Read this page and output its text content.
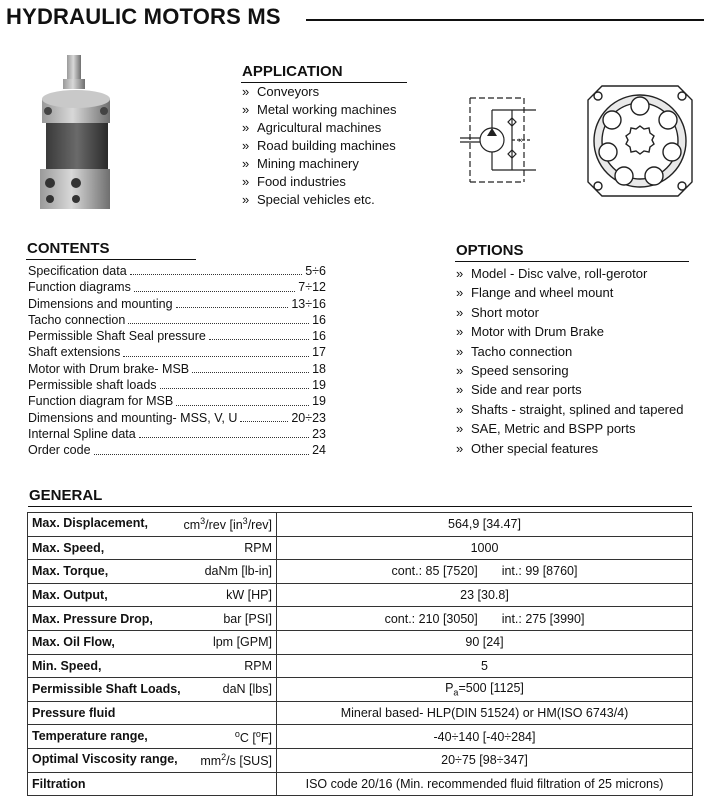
HYDRAULIC MOTORS MS
APPLICATION
» Conveyors
» Metal working machines
» Agricultural machines
» Road building machines
» Mining machinery
» Food industries
» Special vehicles etc.
×
CONTENTS
Specification data	5÷6
Function diagrams	7÷12
Dimensions and mounting	13÷16
Tacho connection	16
Permissible Shaft Seal pressure	16
Shaft extensions	17
Motor with Drum brake- MSB	18
Permissible shaft loads	19
Function diagram for MSB	19
Dimensions and mounting- MSS, V, U	20÷23
Internal Spline data	23
Order code	24
OPTIONS
» Model - Disc valve, roll-gerotor
» Flange and wheel mount
» Short motor
» Motor with Drum Brake
» Tacho connection
» Speed sensoring
» Side and rear ports
» Shafts - straight, splined and tapered
» SAE, Metric and BSPP ports
» Other special features
GENERAL
Max. Displacement, $cm^3$/rev $[in^3/rev]$	564,9 [34.47]

Max. Speed, RPM	1000

Max. Torque, daNm [lb-in]	cont.: 85 [7520] int.: 99 [8760]

Max. Output, kW [HP]	23 [30.8]

Max. Pressure Drop, bar [PSI]	cont.: 210 [3050] int.: 275 [3990]

Max. Oil Flow, lpm [GPM]	90 [24]

Min. Speed, RPM	5

Permissible Shaft Loads, daN [lbs]	$P_a=500$ [1125]

Pressure fluid	Mineral based- HLP(DIN 51524) or HM(ISO 6743/4)

Temperature range, $^o$C [$^o$F]	-40÷140 [-40÷284]

Optimal Viscosity range, $mm^2/s$ [SUS]	20÷75 [98÷347]

Filtration	ISO code 20/16 (Min. recommended fluid filtration of 25 microns)
